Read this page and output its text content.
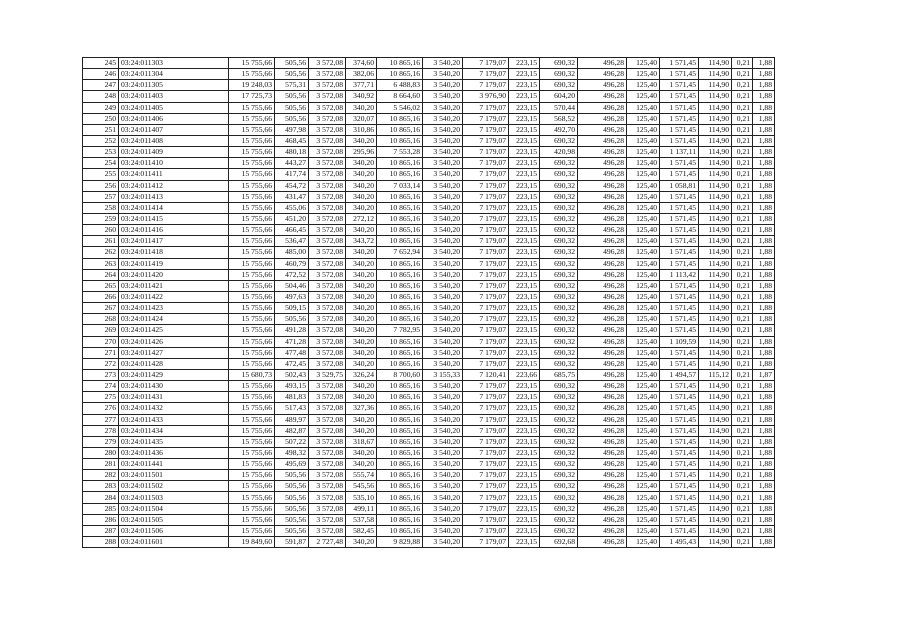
245	03:24:011303	15 755,66	505,56	3 572,08	374,60	10 865,16	3 540,20	7 179,07	223,15	690,32	496,28	125,40	1 571,45	114,90	0,21	1,88
246	03:24:011304	15 755,66	505,56	3 572,08	382,06	10 865,16	3 540,20	7 179,07	223,15	690,32	496,28	125,40	1 571,45	114,90	0,21	1,88
247	03:24:011305	19 248,03	575,31	3 572,08	377,71	6 488,83	3 540,20	7 179,07	223,15	690,32	496,28	125,40	1 571,45	114,90	0,21	1,88
248	03:24:011403	17 725,73	505,56	3 572,08	340,92	8 664,60	3 540,20	3 976,90	223,15	604,20	496,28	125,40	1 571,45	114,90	0,21	1,88
249	03:24:011405	15 755,66	505,56	3 572,08	340,20	5 546,02	3 540,20	7 179,07	223,15	570,44	496,28	125,40	1 571,45	114,90	0,21	1,88
250	03:24:011406	15 755,66	505,56	3 572,08	320,07	10 865,16	3 540,20	7 179,07	223,15	568,52	496,28	125,40	1 571,45	114,90	0,21	1,88
251	03:24:011407	15 755,66	497,98	3 572,08	310,86	10 865,16	3 540,20	7 179,07	223,15	492,70	496,28	125,40	1 571,45	114,90	0,21	1,88
252	03:24:011408	15 755,66	468,45	3 572,08	340,20	10 865,16	3 540,20	7 179,07	223,15	690,32	496,28	125,40	1 571,45	114,90	0,21	1,88
253	03:24:011409	15 755,66	480,18	3 572,08	295,96	7 553,28	3 540,20	7 179,07	223,15	420,98	496,28	125,40	1 137,11	114,90	0,21	1,88
254	03:24:011410	15 755,66	443,27	3 572,08	340,20	10 865,16	3 540,20	7 179,07	223,15	690,32	496,28	125,40	1 571,45	114,90	0,21	1,88
255	03:24:011411	15 755,66	417,74	3 572,08	340,20	10 865,16	3 540,20	7 179,07	223,15	690,32	496,28	125,40	1 571,45	114,90	0,21	1,88
256	03:24:011412	15 755,66	454,72	3 572,08	340,20	7 033,14	3 540,20	7 179,07	223,15	690,32	496,28	125,40	1 058,81	114,90	0,21	1,88
257	03:24:011413	15 755,66	431,47	3 572,08	340,20	10 865,16	3 540,20	7 179,07	223,15	690,32	496,28	125,40	1 571,45	114,90	0,21	1,88
258	03:24:011414	15 755,66	455,06	3 572,08	340,20	10 865,16	3 540,20	7 179,07	223,15	690,32	496,28	125,40	1 571,45	114,90	0,21	1,88
259	03:24:011415	15 755,66	451,20	3 572,08	272,12	10 865,16	3 540,20	7 179,07	223,15	690,32	496,28	125,40	1 571,45	114,90	0,21	1,88
260	03:24:011416	15 755,66	466,45	3 572,08	340,20	10 865,16	3 540,20	7 179,07	223,15	690,32	496,28	125,40	1 571,45	114,90	0,21	1,88
261	03:24:011417	15 755,66	536,47	3 572,08	343,72	10 865,16	3 540,20	7 179,07	223,15	690,32	496,28	125,40	1 571,45	114,90	0,21	1,88
262	03:24:011418	15 755,66	485,00	3 572,08	340,20	7 652,94	3 540,20	7 179,07	223,15	690,32	496,28	125,40	1 571,45	114,90	0,21	1,88
263	03:24:011419	15 755,66	460,79	3 572,08	340,20	10 865,16	3 540,20	7 179,07	223,15	690,32	496,28	125,40	1 571,45	114,90	0,21	1,88
264	03:24:011420	15 755,66	472,52	3 572,08	340,20	10 865,16	3 540,20	7 179,07	223,15	690,32	496,28	125,40	1 113,42	114,90	0,21	1,88
265	03:24:011421	15 755,66	504,46	3 572,08	340,20	10 865,16	3 540,20	7 179,07	223,15	690,32	496,28	125,40	1 571,45	114,90	0,21	1,88
266	03:24:011422	15 755,66	497,63	3 572,08	340,20	10 865,16	3 540,20	7 179,07	223,15	690,32	496,28	125,40	1 571,45	114,90	0,21	1,88
267	03:24:011423	15 755,66	509,15	3 572,08	340,20	10 865,16	3 540,20	7 179,07	223,15	690,32	496,28	125,40	1 571,45	114,90	0,21	1,88
268	03:24:011424	15 755,66	505,56	3 572,08	340,20	10 865,16	3 540,20	7 179,07	223,15	690,32	496,28	125,40	1 571,45	114,90	0,21	1,88
269	03:24:011425	15 755,66	491,28	3 572,08	340,20	7 782,95	3 540,20	7 179,07	223,15	690,32	496,28	125,40	1 571,45	114,90	0,21	1,88
270	03:24:011426	15 755,66	471,28	3 572,08	340,20	10 865,16	3 540,20	7 179,07	223,15	690,32	496,28	125,40	1 109,59	114,90	0,21	1,88
271	03:24:011427	15 755,66	477,48	3 572,08	340,20	10 865,16	3 540,20	7 179,07	223,15	690,32	496,28	125,40	1 571,45	114,90	0,21	1,88
272	03:24:011428	15 755,66	472,45	3 572,08	340,20	10 865,16	3 540,20	7 179,07	223,15	690,32	496,28	125,40	1 571,45	114,90	0,21	1,88
273	03:24:011429	15 680,73	502,43	3 529,75	326,24	8 700,60	3 155,33	7 120,41	223,66	685,75	496,28	125,40	1 494,57	115,12	0,21	1,87
274	03:24:011430	15 755,66	493,15	3 572,08	340,20	10 865,16	3 540,20	7 179,07	223,15	690,32	496,28	125,40	1 571,45	114,90	0,21	1,88
275	03:24:011431	15 755,66	481,83	3 572,08	340,20	10 865,16	3 540,20	7 179,07	223,15	690,32	496,28	125,40	1 571,45	114,90	0,21	1,88
276	03:24:011432	15 755,66	517,43	3 572,08	327,36	10 865,16	3 540,20	7 179,07	223,15	690,32	496,28	125,40	1 571,45	114,90	0,21	1,88
277	03:24:011433	15 755,66	489,97	3 572,08	340,20	10 865,16	3 540,20	7 179,07	223,15	690,32	496,28	125,40	1 571,45	114,90	0,21	1,88
278	03:24:011434	15 755,66	482,87	3 572,08	340,20	10 865,16	3 540,20	7 179,07	223,15	690,32	496,28	125,40	1 571,45	114,90	0,21	1,88
279	03:24:011435	15 755,66	507,22	3 572,08	318,67	10 865,16	3 540,20	7 179,07	223,15	690,32	496,28	125,40	1 571,45	114,90	0,21	1,88
280	03:24:011436	15 755,66	498,32	3 572,08	340,20	10 865,16	3 540,20	7 179,07	223,15	690,32	496,28	125,40	1 571,45	114,90	0,21	1,88
281	03:24:011441	15 755,66	495,69	3 572,08	340,20	10 865,16	3 540,20	7 179,07	223,15	690,32	496,28	125,40	1 571,45	114,90	0,21	1,88
282	03:24:011501	15 755,66	505,56	3 572,08	555,74	10 865,16	3 540,20	7 179,07	223,15	690,32	496,28	125,40	1 571,45	114,90	0,21	1,88
283	03:24:011502	15 755,66	505,56	3 572,08	545,56	10 865,16	3 540,20	7 179,07	223,15	690,32	496,28	125,40	1 571,45	114,90	0,21	1,88
284	03:24:011503	15 755,66	505,56	3 572,08	535,10	10 865,16	3 540,20	7 179,07	223,15	690,32	496,28	125,40	1 571,45	114,90	0,21	1,88
285	03:24:011504	15 755,66	505,56	3 572,08	499,11	10 865,16	3 540,20	7 179,07	223,15	690,32	496,28	125,40	1 571,45	114,90	0,21	1,88
286	03:24:011505	15 755,66	505,56	3 572,08	537,58	10 865,16	3 540,20	7 179,07	223,15	690,32	496,28	125,40	1 571,45	114,90	0,21	1,88
287	03:24:011506	15 755,66	505,56	3 572,08	582,45	10 865,16	3 540,20	7 179,07	223,15	690,32	496,28	125,40	1 571,45	114,90	0,21	1,88
288	03:24:011601	19 849,60	591,87	2 727,48	340,20	9 829,88	3 540,20	7 179,07	223,15	692,68	496,28	125,40	1 495,43	114,90	0,21	1,88
